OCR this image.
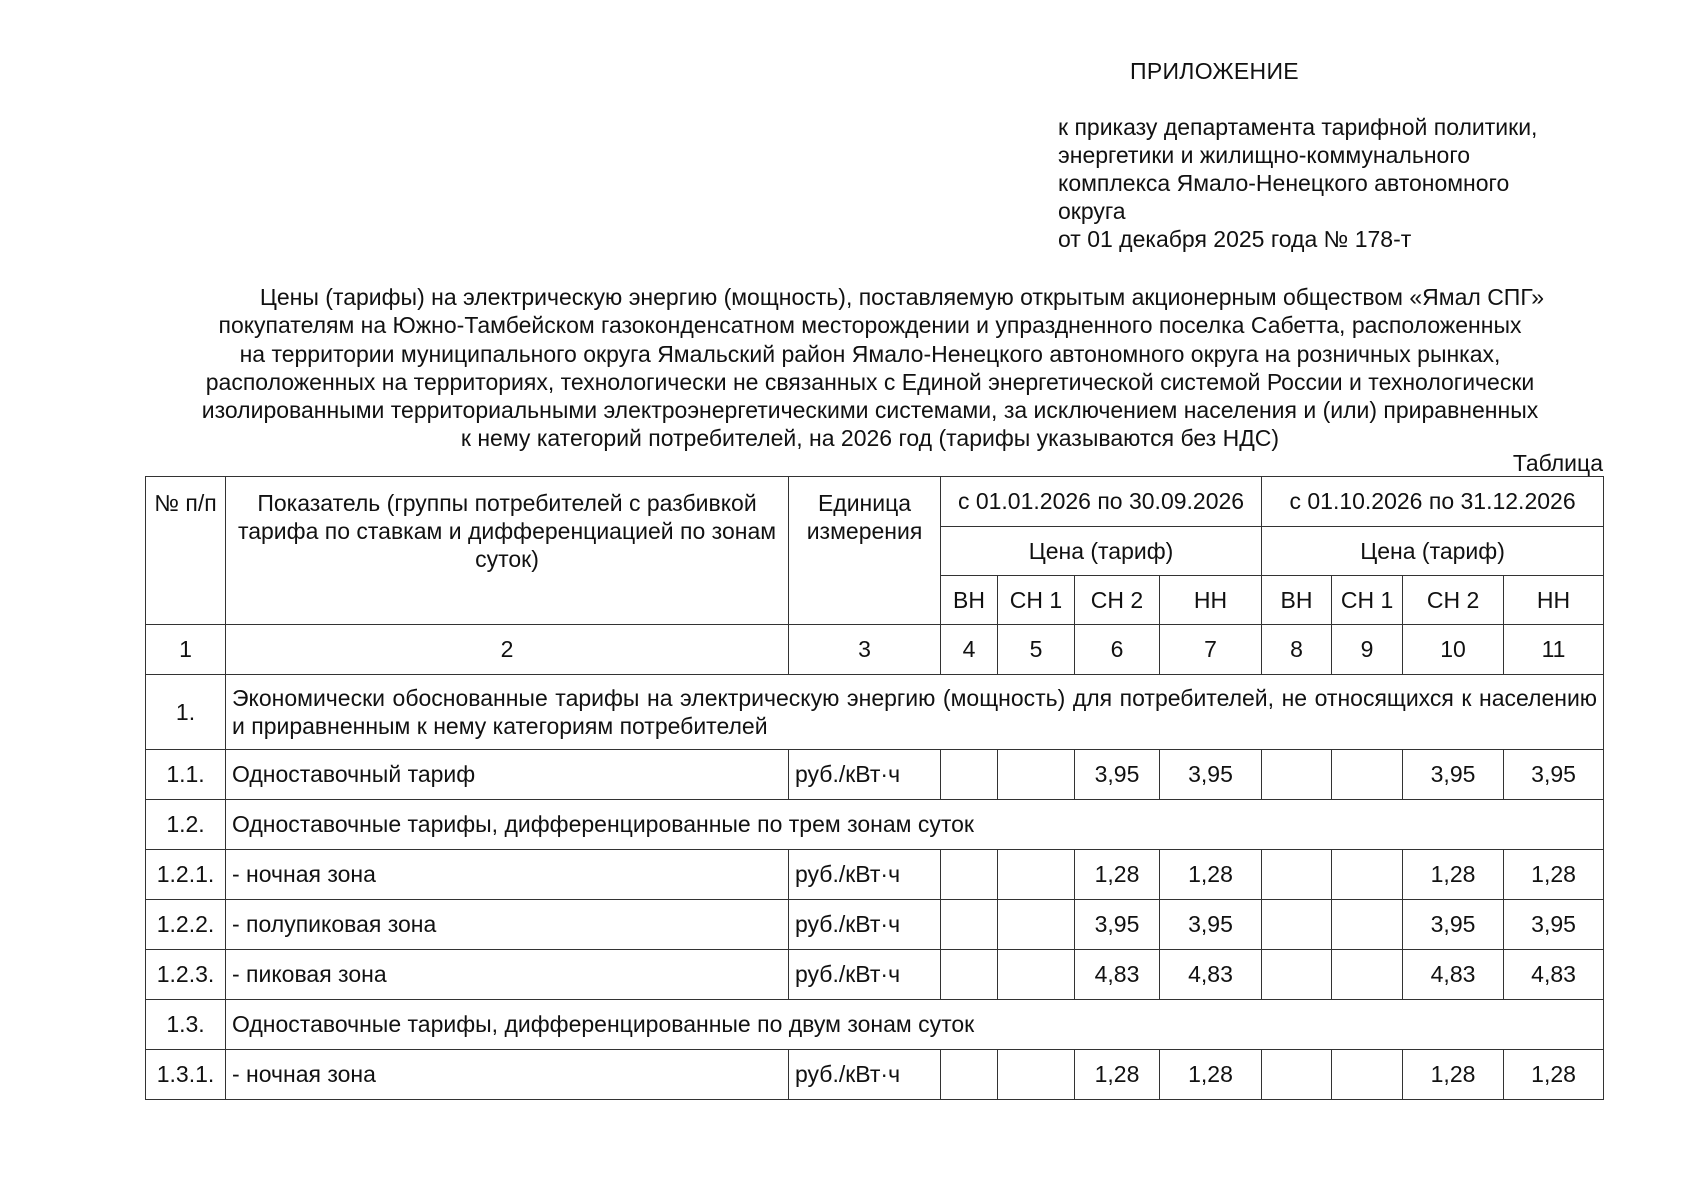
ПРИЛОЖЕНИЕ
к приказу департамента тарифной политики,
энергетики и жилищно-коммунального
комплекса Ямало-Ненецкого автономного
округа
от 01 декабря 2025 года № 178-т
Цены (тарифы) на электрическую энергию (мощность), поставляемую открытым акционерным обществом «Ямал СПГ»
покупателям на Южно-Тамбейском газоконденсатном месторождении и упраздненного поселка Сабетта, расположенных
на территории муниципального округа Ямальский район Ямало-Ненецкого автономного округа на розничных рынках,
расположенных на территориях, технологически не связанных с Единой энергетической системой России и технологически
изолированными территориальными электроэнергетическими системами, за исключением населения и (или) приравненных
к нему категорий потребителей, на 2026 год (тарифы указываются без НДС)
Таблица
№ п/п	Показатель (группы потребителей с разбивкой тарифа по ставкам и дифференциацией по зонам суток)	Единица измерения	с 01.01.2026 по 30.09.2026				с 01.10.2026 по 31.12.2026			
			Цена (тариф)				Цена (тариф)			
			ВН	СН 1	СН 2	НН	ВН	СН 1	СН 2	НН
1	2	3	4	5	6	7	8	9	10	11
1.	Экономически обоснованные тарифы на электрическую энергию (мощность) для потребителей, не относящихся к населению и приравненным к нему категориям потребителей									
1.1.	Одноставочный тариф	руб./кВт·ч			3,95	3,95			3,95	3,95
1.2.	Одноставочные тарифы, дифференцированные по трем зонам суток									
1.2.1.	- ночная зона	руб./кВт·ч			1,28	1,28			1,28	1,28
1.2.2.	- полупиковая зона	руб./кВт·ч			3,95	3,95			3,95	3,95
1.2.3.	- пиковая зона	руб./кВт·ч			4,83	4,83			4,83	4,83
1.3.	Одноставочные тарифы, дифференцированные по двум зонам суток									
1.3.1.	- ночная зона	руб./кВт·ч			1,28	1,28			1,28	1,28
